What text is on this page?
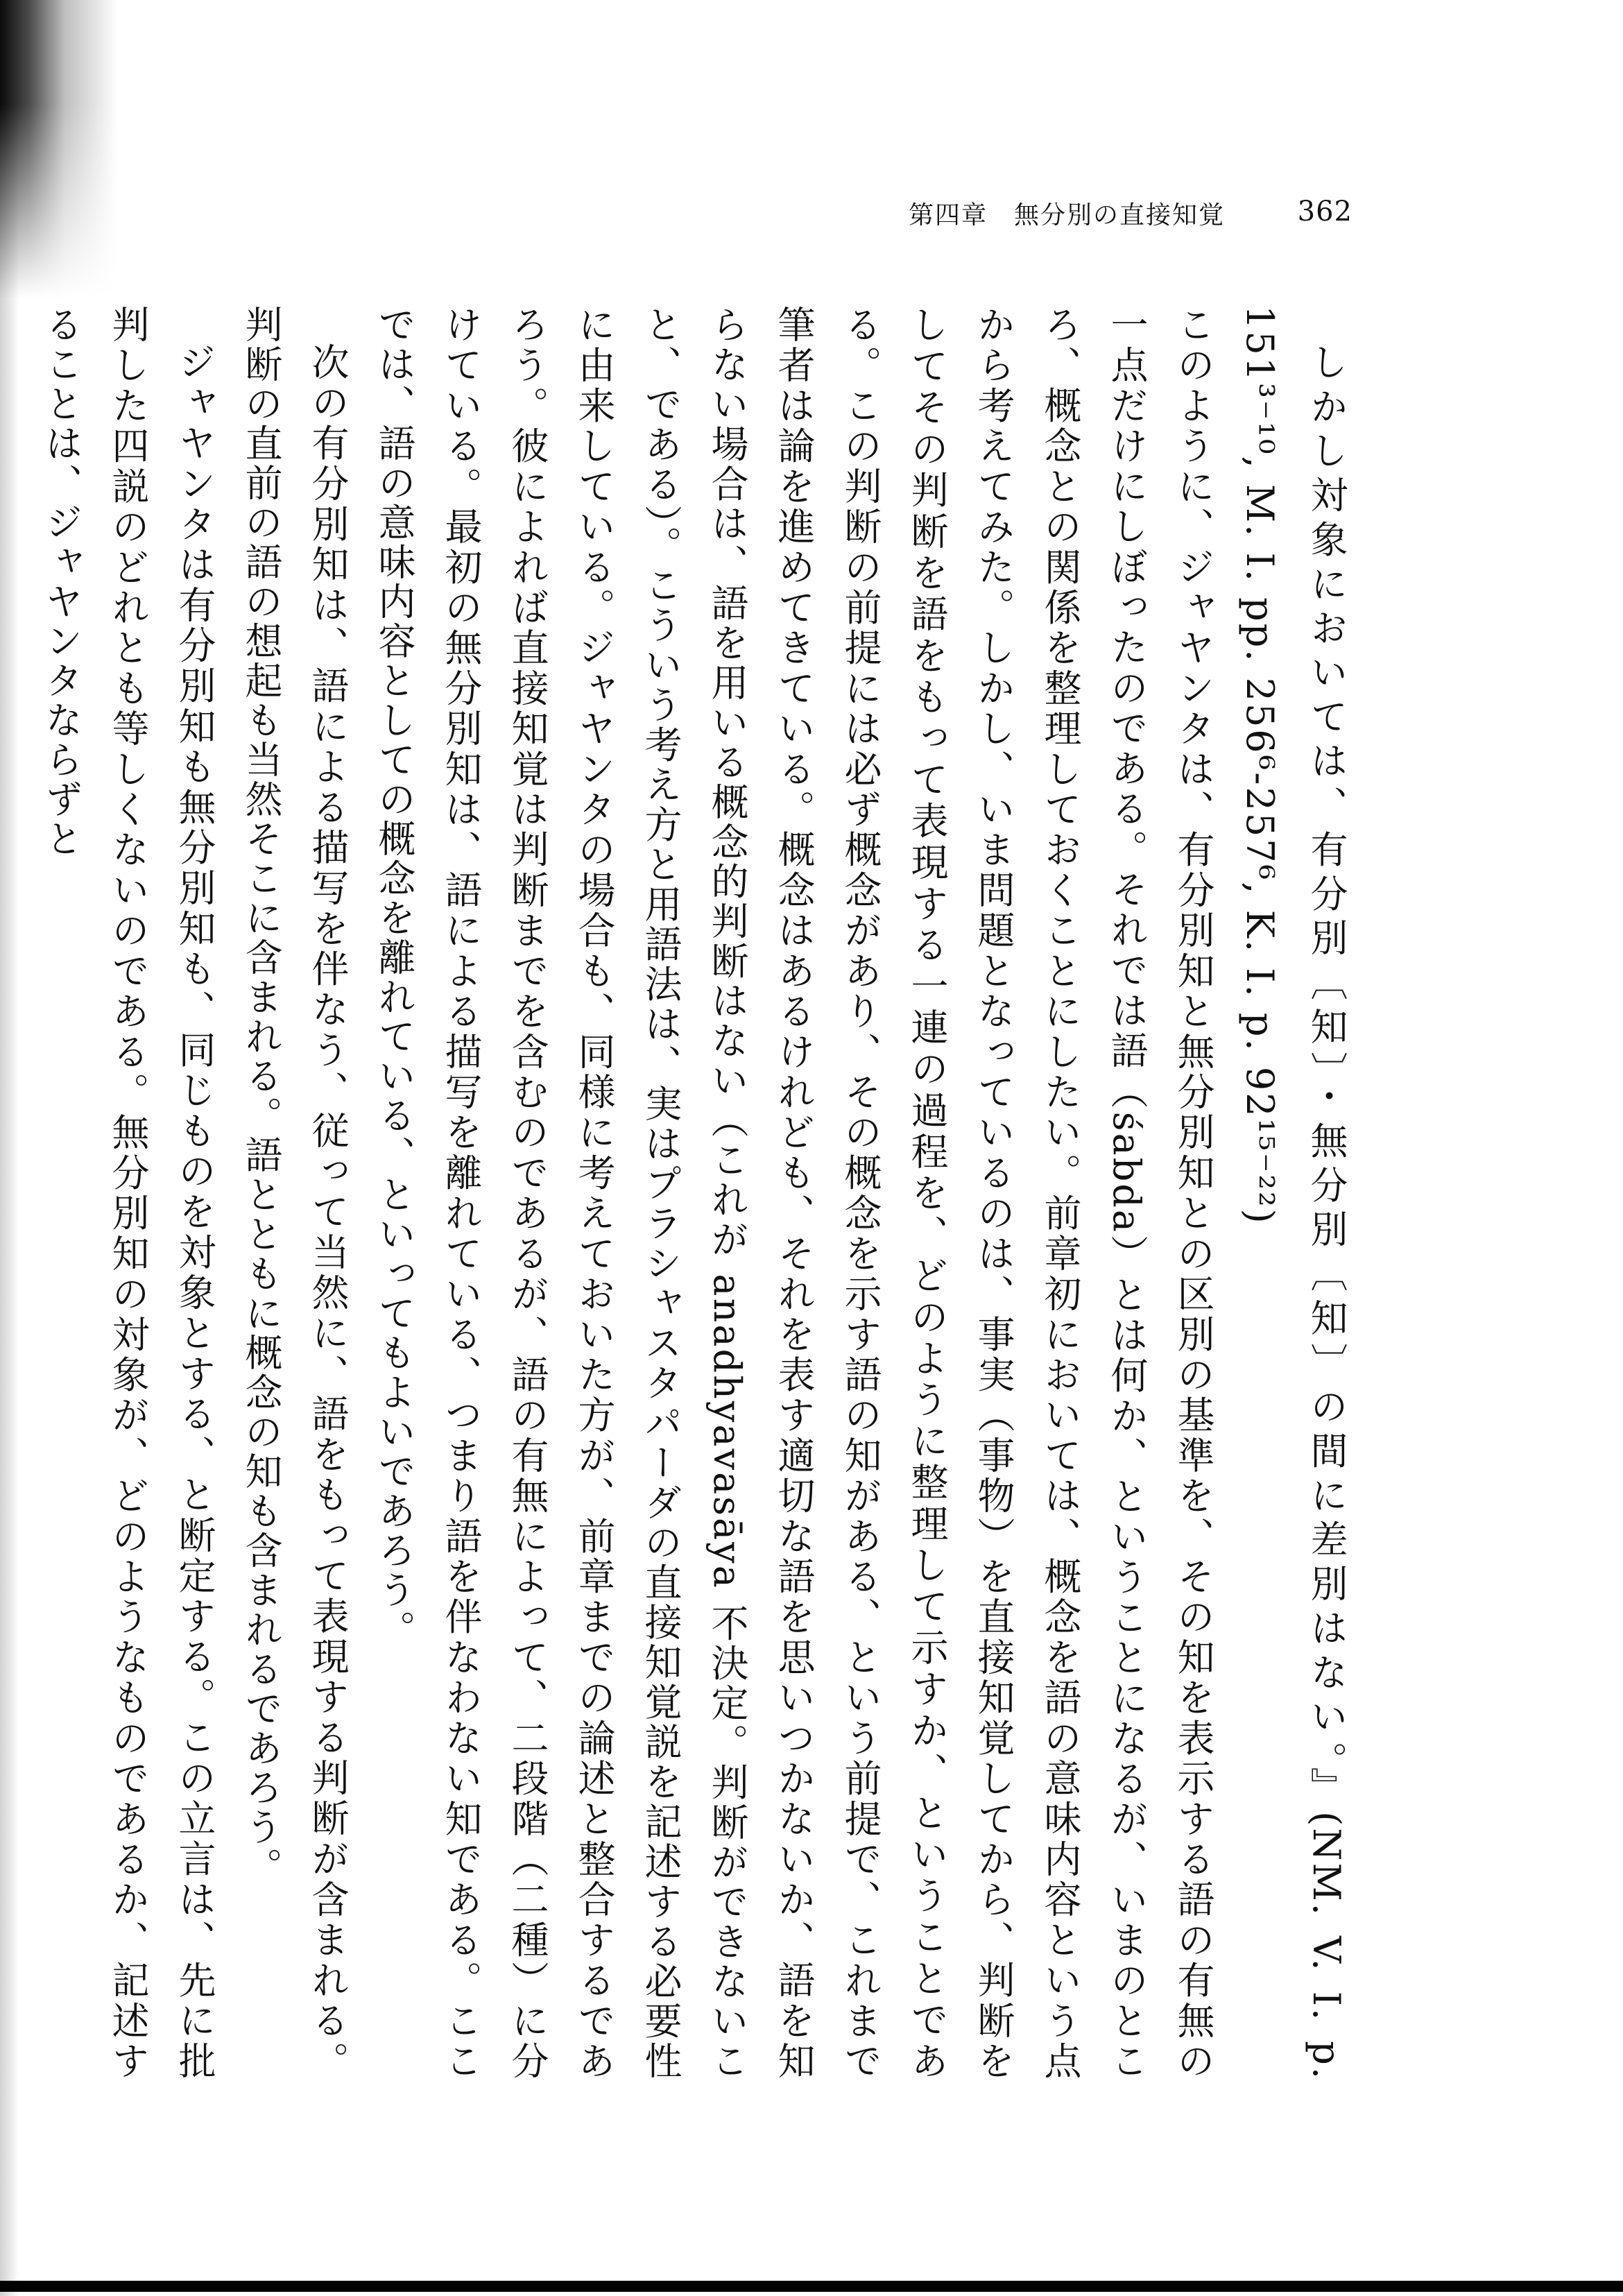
第四章　無分別の直接知覚	362

しかし対象においては、有分別〔知〕・無分別〔知〕の間に差別はない。』(NM. V. I. p. 151³⁻¹⁰, M. I. pp. 256⁶-257⁶, K. I. p. 92¹⁵⁻²²)

このように、ジャヤンタは、有分別知と無分別知との区別の基準を、その知を表示する語の有無の一点だけにしぼったのである。それでは語（śabda）とは何か、ということになるが、いまのところ、概念との関係を整理しておくことにしたい。前章初においては、概念を語の意味内容という点から考えてみた。しかし、いま問題となっているのは、事実（事物）を直接知覚してから、判断をしてその判断を語をもって表現する一連の過程を、どのように整理して示すか、ということである。この判断の前提には必ず概念があり、その概念を示す語の知がある、という前提で、これまで筆者は論を進めてきている。概念はあるけれども、それを表す適切な語を思いつかないか、語を知らない場合は、語を用いる概念的判断はない（これが anadhyavasāya 不決定。判断ができないこと、である）。こういう考え方と用語法は、実はプラシャスタパーダの直接知覚説を記述する必要性に由来している。ジャヤンタの場合も、同様に考えておいた方が、前章までの論述と整合するであろう。彼によれば直接知覚は判断までを含むのであるが、語の有無によって、二段階（二種）に分けている。最初の無分別知は、語による描写を離れている、つまり語を伴なわない知である。ここでは、語の意味内容としての概念を離れている、といってもよいであろう。

次の有分別知は、語による描写を伴なう、従って当然に、語をもって表現する判断が含まれる。判断の直前の語の想起も当然そこに含まれる。語とともに概念の知も含まれるであろう。

ジャヤンタは有分別知も無分別知も、同じものを対象とする、と断定する。この立言は、先に批判した四説のどれとも等しくないのである。無分別知の対象が、どのようなものであるか、記述することは、ジャヤンタならずと
